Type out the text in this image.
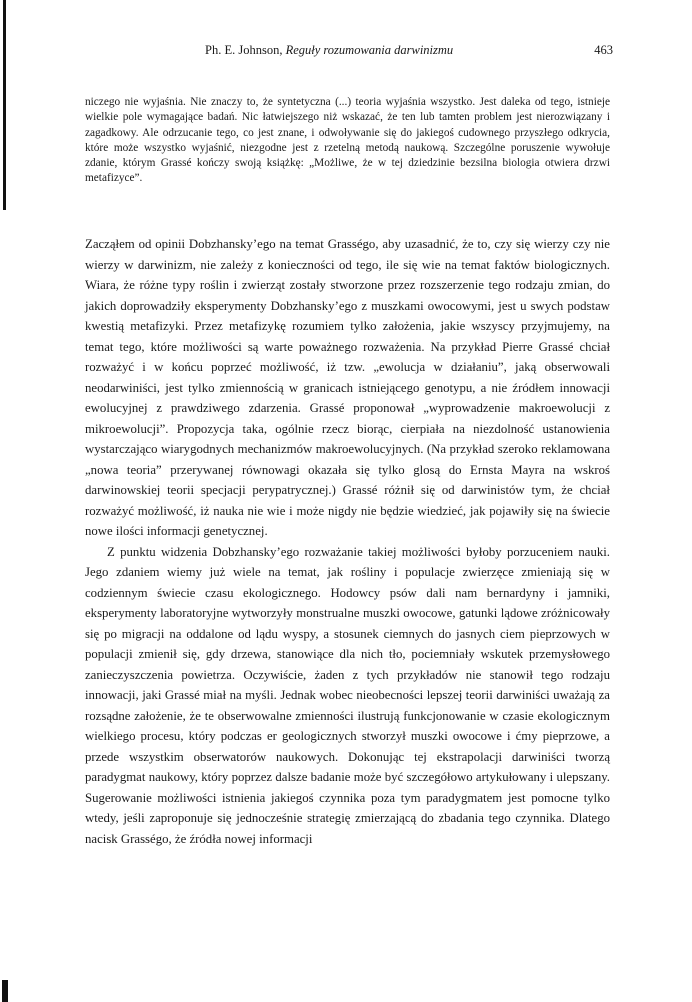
Ph. E. Johnson, Reguły rozumowania darwinizmu	463
niczego nie wyjaśnia. Nie znaczy to, że syntetyczna (...) teoria wyjaśnia wszystko. Jest daleka od tego, istnieje wielkie pole wymagające badań. Nic łatwiejszego niż wskazać, że ten lub tamten problem jest nierozwiązany i zagadkowy. Ale odrzucanie tego, co jest znane, i odwoływanie się do jakiegoś cudownego przyszłego odkrycia, które może wszystko wyjaśnić, niezgodne jest z rzetelną metodą naukową. Szczególne poruszenie wywołuje zdanie, którym Grassé kończy swoją książkę: „Możliwe, że w tej dziedzinie bezsilna biologia otwiera drzwi metafizyce”.

Zacząłem od opinii Dobzhansky’ego na temat Grasségo, aby uzasadnić, że to, czy się wierzy czy nie wierzy w darwinizm, nie zależy z konieczności od tego, ile się wie na temat faktów biologicznych. Wiara, że różne typy roślin i zwierząt zostały stworzone przez rozszerzenie tego rodzaju zmian, do jakich doprowadziły eksperymenty Dobzhansky’ego z muszkami owocowymi, jest u swych podstaw kwestią metafizyki. Przez metafizykę rozumiem tylko założenia, jakie wszyscy przyjmujemy, na temat tego, które możliwości są warte poważnego rozważenia. Na przykład Pierre Grassé chciał rozważyć i w końcu poprzeć możliwość, iż tzw. „ewolucja w działaniu”, jaką obserwowali neodarwiniści, jest tylko zmiennością w granicach istniejącego genotypu, a nie źródłem innowacji ewolucyjnej z prawdziwego zdarzenia. Grassé proponował „wyprowadzenie makroewolucji z mikroewolucji”. Propozycja taka, ogólnie rzecz biorąc, cierpiała na niezdolność ustanowienia wystarczająco wiarygodnych mechanizmów makroewolucyjnych. (Na przykład szeroko reklamowana „nowa teoria” przerywanej równowagi okazała się tylko glosą do Ernsta Mayra na wskroś darwinowskiej teorii specjacji perypatrycznej.) Grassé różnił się od darwinistów tym, że chciał rozważyć możliwość, iż nauka nie wie i może nigdy nie będzie wiedzieć, jak pojawiły się na świecie nowe ilości informacji genetycznej.

Z punktu widzenia Dobzhansky’ego rozważanie takiej możliwości byłoby porzuceniem nauki. Jego zdaniem wiemy już wiele na temat, jak rośliny i populacje zwierzęce zmieniają się w codziennym świecie czasu ekologicznego. Hodowcy psów dali nam bernardyny i jamniki, eksperymenty laboratoryjne wytworzyły monstrualne muszki owocowe, gatunki lądowe zróżnicowały się po migracji na oddalone od lądu wyspy, a stosunek ciemnych do jasnych ciem pieprzowych w populacji zmienił się, gdy drzewa, stanowiące dla nich tło, pociemniały wskutek przemysłowego zanieczyszczenia powietrza. Oczywiście, żaden z tych przykładów nie stanowił tego rodzaju innowacji, jaki Grassé miał na myśli. Jednak wobec nieobecności lepszej teorii darwiniści uważają za rozsądne założenie, że te obserwowalne zmienności ilustrują funkcjonowanie w czasie ekologicznym wielkiego procesu, który podczas er geologicznych stworzył muszki owocowe i ćmy pieprzowe, a przede wszystkim obserwatorów naukowych. Dokonując tej ekstrapolacji darwiniści tworzą paradygmat naukowy, który poprzez dalsze badanie może być szczegółowo artykułowany i ulepszany. Sugerowanie możliwości istnienia jakiegoś czynnika poza tym paradygmatem jest pomocne tylko wtedy, jeśli zaproponuje się jednocześnie strategię zmierzającą do zbadania tego czynnika. Dlatego nacisk Grasségo, że źródła nowej informacji
